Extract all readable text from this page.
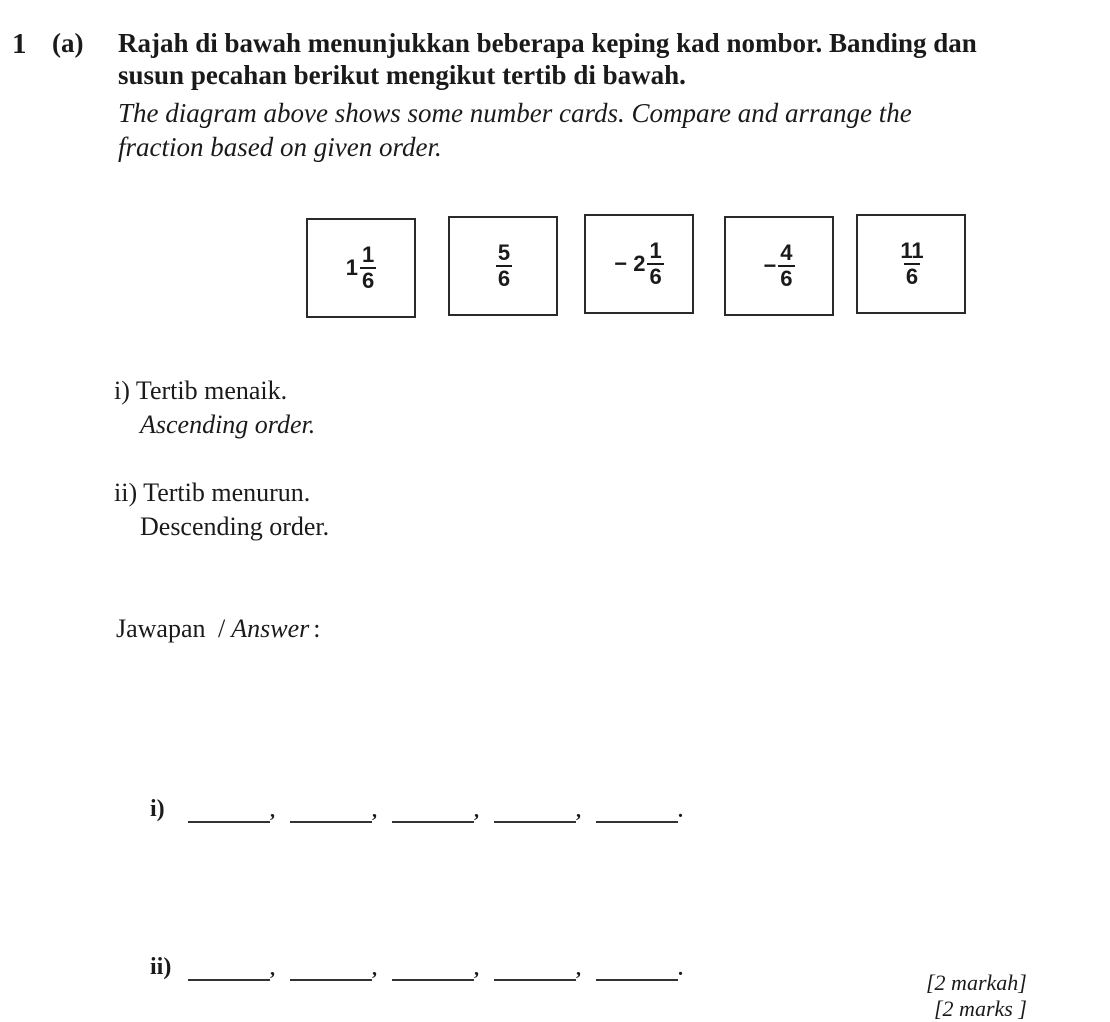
1 (a) Rajah di bawah menunjukkan beberapa keping kad nombor. Banding dan
susun pecahan berikut mengikut tertib di bawah.
The diagram above shows some number cards. Compare and arrange the
fraction based on given order.
$1 \frac{1}{6}$	$\frac{5}{6}$	− $2 \frac{1}{6}$	− $\frac{4}{6}$	$\frac{11}{6}$
i) Tertib menaik.
Ascending order.
ii) Tertib menurun.
Descending order.
Jawapan / Answer :
i)	,	,	,	,	.
ii)	,	,	,	,	.
[2 markah]
[2 marks ]
